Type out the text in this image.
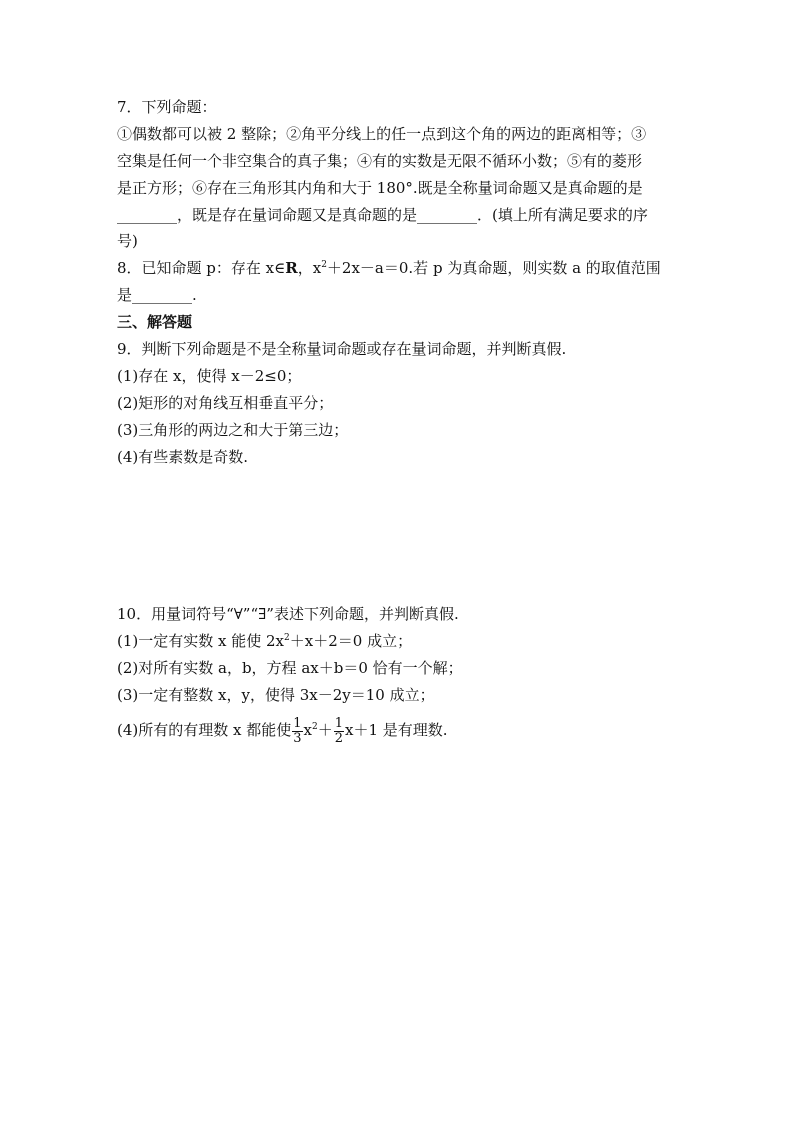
7．下列命题：
①偶数都可以被 2 整除；②角平分线上的任一点到这个角的两边的距离相等；③
空集是任何一个非空集合的真子集；④有的实数是无限不循环小数；⑤有的菱形
是正方形；⑥存在三角形其内角和大于 180°.既是全称量词命题又是真命题的是
________，既是存在量词命题又是真命题的是________．(填上所有满足要求的序
号)
8．已知命题 p：存在 x∈R，$x^2+2x-a=0$.若 p 为真命题，则实数 a 的取值范围
是________.
三、解答题
9．判断下列命题是不是全称量词命题或存在量词命题，并判断真假.
(1)存在 x，使得 x－2≤0；
(2)矩形的对角线互相垂直平分；
(3)三角形的两边之和大于第三边；
(4)有些素数是奇数.
10．用量词符号“∀”“∃”表述下列命题，并判断真假.
(1)一定有实数 x 能使 $2x^2+x+2=0$ 成立；
(2)对所有实数 a，b，方程 ax＋b＝0 恰有一个解；
(3)一定有整数 x，y，使得 3x－2y＝10 成立；
(4)所有的有理数 x 都能使 $\frac{1}{3} x^2+ \frac{1}{2} x+1$ 是有理数.
